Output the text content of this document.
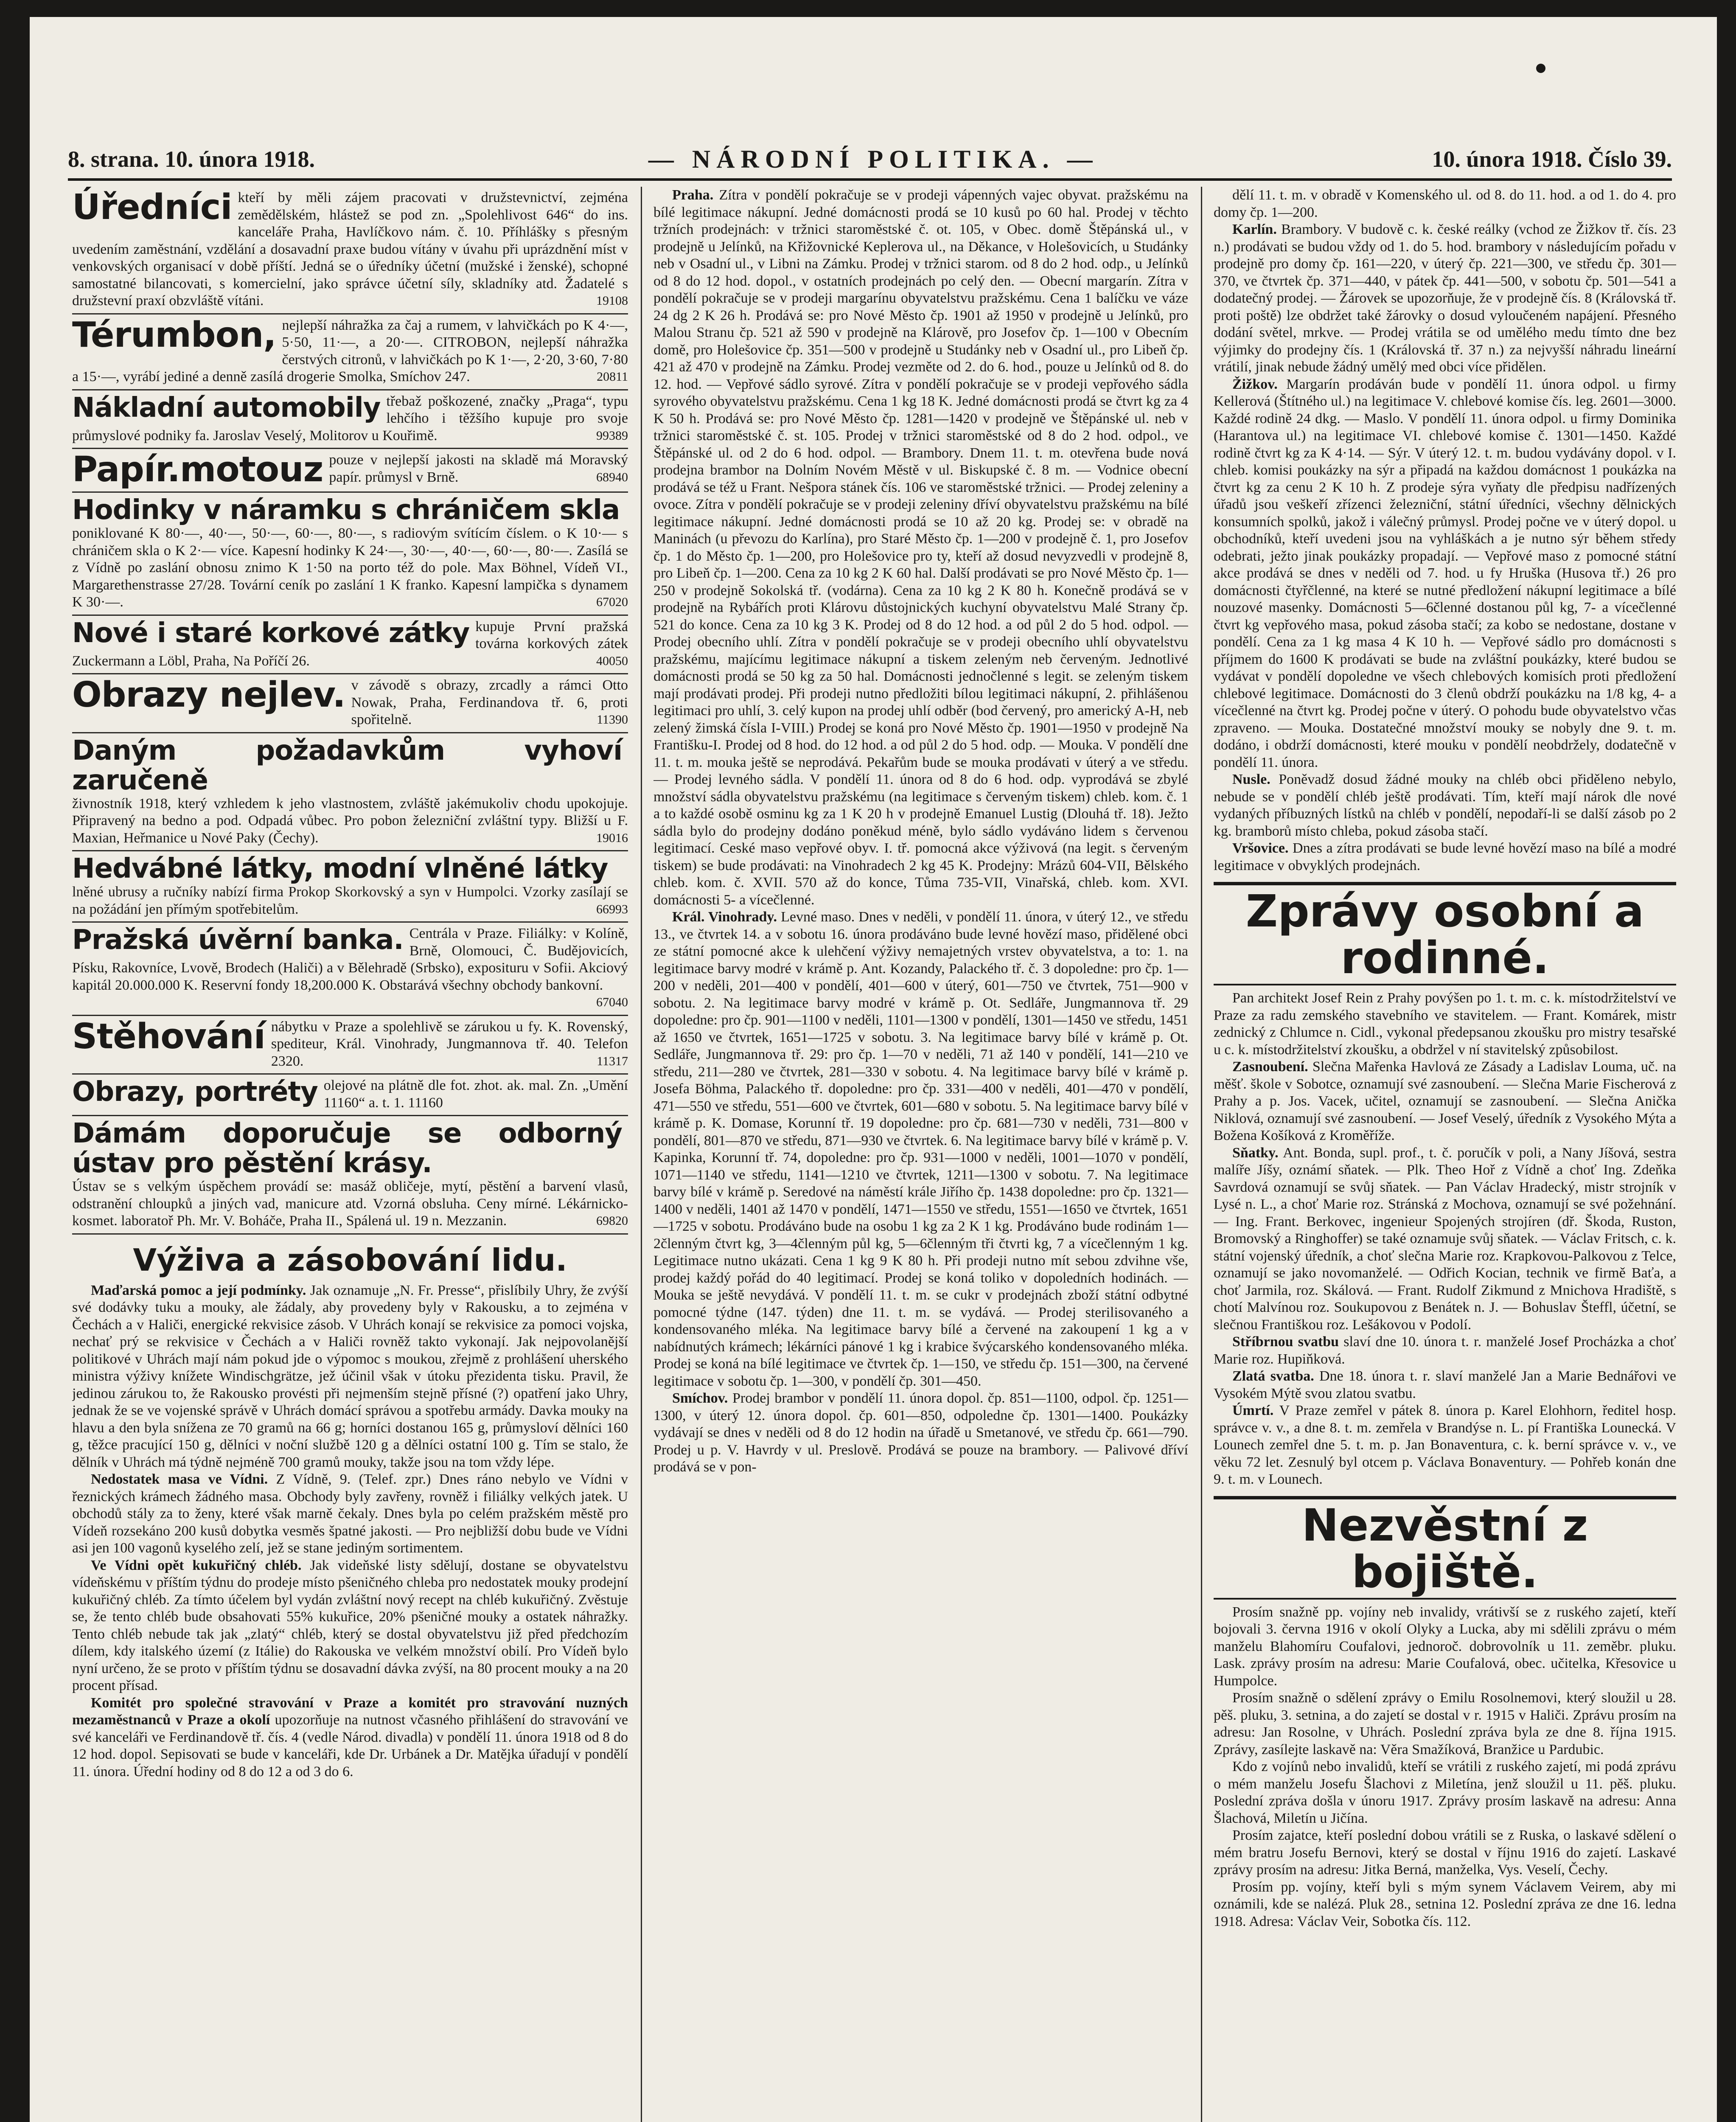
8. strana. 10. února 1918.	— NÁRODNÍ POLITIKA. —	10. února 1918. Číslo 39.
Úředníci kteří by měli zájem pracovati v družstevnictví, zejména zemědělském, hlástež se pod zn. „Spolehlivost 646“ do ins. kanceláře Praha, Havlíčkovo nám. č. 10. Příhlášky s přesným uvedením zaměstnání, vzdělání a dosavadní praxe budou vítány v úvahu při uprázdnění míst v venkovských organisací v době příští. Jedná se o úředníky účetní (mužské i ženské), schopné samostatné bilancovati, s komercielní, jako správce účetní síly, skladníky atd. Žadatelé s družstevní praxí obzvláště vítáni.	19108

Térumbon, nejlepší náhražka za čaj a rumem, v lahvičkách po K 4·—, 5·50, 11·—, a 20·—. CITROBON, nejlepší náhražka čerstvých citronů, v lahvičkách po K 1·—, 2·20, 3·60, 7·80 a 15·—, vyrábí jediné a denně zasílá drogerie Smolka, Smíchov 247.	20811

Nákladní automobily třebaž poškozené, značky „Praga“, typu lehčího i těžšího kupuje pro svoje průmyslové podniky fa. Jaroslav Veselý, Molitorov u Kouřimě.	99389

Papír.motouz pouze v nejlepší jakosti na skladě má Moravský papír. průmysl v Brně.	68940

Hodinky v náramku s chráničem skla

poniklované K 80·—, 40·—, 50·—, 60·—, 80·—, s radiovým svítícím číslem. o K 10·— s chráničem skla o K 2·— více. Kapesní hodinky K 24·—, 30·—, 40·—, 60·—, 80·—. Zasílá se z Vídně po zaslání obnosu znimo K 1·50 na porto též do pole. Max Böhnel, Vídeň VI., Margarethenstrasse 27/28. Tovární ceník po zaslání 1 K franko. Kapesní lampička s dynamem K 30·—.	67020

Nové i staré korkové zátky kupuje První pražská továrna korkových zátek Zuckermann a Löbl, Praha, Na Poříčí 26.	40050

Obrazy nejlev. v závodě s obrazy, zrcadly a rámci Otto Nowak, Praha, Ferdinandova tř. 6, proti spořitelně.	11390

Daným požadavkům vyhoví zaručeně

živnostník 1918, který vzhledem k jeho vlastnostem, zvláště jakémukoliv chodu upokojuje. Připravený na bedno a pod. Odpadá vůbec. Pro pobon železniční zvláštní typy. Bližší u F. Maxian, Heřmanice u Nové Paky (Čechy).	19016

Hedvábné látky, modní vlněné látky

lněné ubrusy a ručníky nabízí firma Prokop Skorkovský a syn v Humpolci. Vzorky zasílají se na požádání jen přímým spotřebitelům.	66993

Pražská úvěrní banka. Centrála v Praze. Filiálky: v Kolíně, Brně, Olomouci, Č. Budějovicích, Písku, Rakovníce, Lvově, Brodech (Haliči) a v Bělehradě (Srbsko), exposituru v Sofii. Akciový kapitál 20.000.000 K. Reservní fondy 18,200.000 K. Obstarává všechny obchody bankovní.
67040

Stěhování nábytku v Praze a spolehlivě se zárukou u fy. K. Rovenský, spediteur, Král. Vinohrady, Jungmannova tř. 40. Telefon 2320.	11317

Obrazy, portréty olejové na plátně dle fot. zhot. ak. mal. Zn. „Umění 11160“ a. t. 1. 11160

Dámám doporučuje se odborný ústav pro pěstění krásy.

Ústav se s velkým úspěchem provádí se: masáž obličeje, mytí, pěstění a barvení vlasů, odstranění chloupků a jiných vad, manicure atd. Vzorná obsluha. Ceny mírné. Lékárnicko-kosmet. laboratoř Ph. Mr. V. Boháče, Praha II., Spálená ul. 19 n. Mezzanin.	69820

Výživa a zásobování lidu.

Maďarská pomoc a její podmínky. Jak oznamuje „N. Fr. Presse“, přislíbily Uhry, že zvýší své dodávky tuku a mouky, ale žádaly, aby provedeny byly v Rakousku, a to zejména v Čechách a v Haliči, energické rekvisice zásob. V Uhrách konají se rekvisice za pomoci vojska, nechať prý se rekvisice v Čechách a v Haliči rovněž takto vykonají. Jak nejpovolanější politikové v Uhrách mají nám pokud jde o výpomoc s moukou, zřejmě z prohlášení uherského ministra výživy knížete Windischgrätze, jež účinil však v útoku přezidenta tisku. Pravil, že jedinou zárukou to, že Rakousko provésti při nejmenším stejně přísné (?) opatření jako Uhry, jednak že se ve vojenské správě v Uhrách domácí správou a spotřebu armády. Davka mouky na hlavu a den byla snížena ze 70 gramů na 66 g; horníci dostanou 165 g, průmysloví dělníci 160 g, těžce pracující 150 g, dělníci v noční službě 120 g a dělníci ostatní 100 g. Tím se stalo, že dělník v Uhrách má týdně nejméně 700 gramů mouky, takže jsou na tom vždy lépe.

Nedostatek masa ve Vídni. Z Vídně, 9. (Telef. zpr.) Dnes ráno nebylo ve Vídni v řeznických krámech žádného masa. Obchody byly zavřeny, rovněž i filiálky velkých jatek. U obchodů stály za to ženy, které však marně čekaly. Dnes byla po celém pražském městě pro Vídeň rozsekáno 200 kusů dobytka vesměs špatné jakosti. — Pro nejbližší dobu bude ve Vídni asi jen 100 vagonů kyselého zelí, jež se stane jediným sortimentem.

Ve Vídni opět kukuřičný chléb. Jak videňské listy sdělují, dostane se obyvatelstvu vídeňskému v příštím týdnu do prodeje místo pšeničného chleba pro nedostatek mouky prodejní kukuřičný chléb. Za tímto účelem byl vydán zvláštní nový recept na chléb kukuřičný. Zvěstuje se, že tento chléb bude obsahovati 55% kukuřice, 20% pšeničné mouky a ostatek náhražky. Tento chléb nebude tak jak „zlatý“ chléb, který se dostal obyvatelstvu již před předchozím dílem, kdy italského území (z Itálie) do Rakouska ve velkém množství obilí. Pro Vídeň bylo nyní určeno, že se proto v příštím týdnu se dosavadní dávka zvýší, na 80 procent mouky a na 20 procent přísad.

Komitét pro společné stravování v Praze a komitét pro stravování nuzných mezaměstnanců v Praze a okolí upozorňuje na nutnost včasného přihlášení do stravování ve své kanceláři ve Ferdinandově tř. čís. 4 (vedle Národ. divadla) v pondělí 11. února 1918 od 8 do 12 hod. dopol. Sepisovati se bude v kanceláři, kde Dr. Urbánek a Dr. Matějka úřadují v pondělí 11. února. Úřední hodiny od 8 do 12 a od 3 do 6.

Praha. Zítra v pondělí pokračuje se v prodeji vápenných vajec obyvat. pražskému na bílé legitimace nákupní. Jedné domácnosti prodá se 10 kusů po 60 hal. Prodej v těchto tržních prodejnách: v tržnici staroměstské č. ot. 105, v Obec. domě Štěpánská ul., v prodejně u Jelínků, na Křižovnické Keplerova ul., na Děkance, v Holešovicích, u Studánky neb v Osadní ul., v Libni na Zámku. Prodej v tržnici starom. od 8 do 2 hod. odp., u Jelínků od 8 do 12 hod. dopol., v ostatních prodejnách po celý den. — Obecní margarín. Zítra v pondělí pokračuje se v prodeji margarínu obyvatelstvu pražskému. Cena 1 balíčku ve váze 24 dg 2 K 26 h. Prodává se: pro Nové Město čp. 1901 až 1950 v prodejně u Jelínků, pro Malou Stranu čp. 521 až 590 v prodejně na Klárově, pro Josefov čp. 1—100 v Obecním domě, pro Holešovice čp. 351—500 v prodejně u Studánky neb v Osadní ul., pro Libeň čp. 421 až 470 v prodejně na Zámku. Prodej vezměte od 2. do 6. hod., pouze u Jelínků od 8. do 12. hod. — Vepřové sádlo syrové. Zítra v pondělí pokračuje se v prodeji vepřového sádla syrového obyvatelstvu pražskému. Cena 1 kg 18 K. Jedné domácnosti prodá se čtvrt kg za 4 K 50 h. Prodává se: pro Nové Město čp. 1281—1420 v prodejně ve Štěpánské ul. neb v tržnici staroměstské č. st. 105. Prodej v tržnici staroměstské od 8 do 2 hod. odpol., ve Štěpánské ul. od 2 do 6 hod. odpol. — Brambory. Dnem 11. t. m. otevřena bude nová prodejna brambor na Dolním Novém Městě v ul. Biskupské č. 8 m. — Vodnice obecní prodává se též u Frant. Nešpora stánek čís. 106 ve staroměstské tržnici. — Prodej zeleniny a ovoce. Zítra v pondělí pokračuje se v prodeji zeleniny dříví obyvatelstvu pražskému na bílé legitimace nákupní. Jedné domácnosti prodá se 10 až 20 kg. Prodej se: v obradě na Maninách (u převozu do Karlína), pro Staré Město čp. 1—200 v prodejně č. 1, pro Josefov čp. 1 do Město čp. 1—200, pro Holešovice pro ty, kteří až dosud nevyzvedli v prodejně 8, pro Libeň čp. 1—200. Cena za 10 kg 2 K 60 hal. Další prodávati se pro Nové Město čp. 1—250 v prodejně Sokolská tř. (vodárna). Cena za 10 kg 2 K 80 h. Konečně prodává se v prodejně na Rybářích proti Klárovu důstojnických kuchyní obyvatelstvu Malé Strany čp. 521 do konce. Cena za 10 kg 3 K. Prodej od 8 do 12 hod. a od půl 2 do 5 hod. odpol. — Prodej obecního uhlí. Zítra v pondělí pokračuje se v prodeji obecního uhlí obyvatelstvu pražskému, majícímu legitimace nákupní a tiskem zeleným neb červeným. Jednotlivé domácnosti prodá se 50 kg za 50 hal. Domácnosti jednočlenné s legit. se zeleným tiskem mají prodávati prodej. Při prodeji nutno předložiti bílou legitimaci nákupní, 2. přihlášenou legitimaci pro uhlí, 3. celý kupon na prodej uhlí odběr (bod červený, pro americký A-H, neb zelený žimská čísla I-VIII.) Prodej se koná pro Nové Město čp. 1901—1950 v prodejně Na Františku-I. Prodej od 8 hod. do 12 hod. a od půl 2 do 5 hod. odp. — Mouka. V pondělí dne 11. t. m. mouka ještě se neprodává. Pekařům bude se mouka prodávati v úterý a ve středu. — Prodej levného sádla. V pondělí 11. února od 8 do 6 hod. odp. vyprodává se zbylé množství sádla obyvatelstvu pražskému (na legitimace s červeným tiskem) chleb. kom. č. 1 a to každé osobě osminu kg za 1 K 20 h v prodejně Emanuel Lustig (Dlouhá tř. 18). Ježto sádla bylo do prodejny dodáno poněkud méně, bylo sádlo vydáváno lidem s červenou legitimací. Ceské maso vepřové obyv. I. tř. pomocná akce výživová (na legit. s červeným tiskem) se bude prodávati: na Vinohradech 2 kg 45 K. Prodejny: Mrázů 604-VII, Bělského chleb. kom. č. XVII. 570 až do konce, Tůma 735-VII, Vinařská, chleb. kom. XVI. domácnosti 5- a vícečlenné.

Král. Vinohrady. Levné maso. Dnes v neděli, v pondělí 11. února, v úterý 12., ve středu 13., ve čtvrtek 14. a v sobotu 16. února prodáváno bude levné hovězí maso, přidělené obci ze státní pomocné akce k ulehčení výživy nemajetných vrstev obyvatelstva, a to: 1. na legitimace barvy modré v krámě p. Ant. Kozandy, Palackého tř. č. 3 dopoledne: pro čp. 1—200 v neděli, 201—400 v pondělí, 401—600 v úterý, 601—750 ve čtvrtek, 751—900 v sobotu. 2. Na legitimace barvy modré v krámě p. Ot. Sedláře, Jungmannova tř. 29 dopoledne: pro čp. 901—1100 v neděli, 1101—1300 v pondělí, 1301—1450 ve středu, 1451 až 1650 ve čtvrtek, 1651—1725 v sobotu. 3. Na legitimace barvy bílé v krámě p. Ot. Sedláře, Jungmannova tř. 29: pro čp. 1—70 v neděli, 71 až 140 v pondělí, 141—210 ve středu, 211—280 ve čtvrtek, 281—330 v sobotu. 4. Na legitimace barvy bílé v krámě p. Josefa Böhma, Palackého tř. dopoledne: pro čp. 331—400 v neděli, 401—470 v pondělí, 471—550 ve středu, 551—600 ve čtvrtek, 601—680 v sobotu. 5. Na legitimace barvy bílé v krámě p. K. Domase, Korunní tř. 19 dopoledne: pro čp. 681—730 v neděli, 731—800 v pondělí, 801—870 ve středu, 871—930 ve čtvrtek. 6. Na legitimace barvy bílé v krámě p. V. Kapinka, Korunní tř. 74, dopoledne: pro čp. 931—1000 v neděli, 1001—1070 v pondělí, 1071—1140 ve středu, 1141—1210 ve čtvrtek, 1211—1300 v sobotu. 7. Na legitimace barvy bílé v krámě p. Seredové na náměstí krále Jiřího čp. 1438 dopoledne: pro čp. 1321—1400 v neděli, 1401 až 1470 v pondělí, 1471—1550 ve středu, 1551—1650 ve čtvrtek, 1651—1725 v sobotu. Prodáváno bude na osobu 1 kg za 2 K 1 kg. Prodáváno bude rodinám 1—2členným čtvrt kg, 3—4členným půl kg, 5—6členným tři čtvrti kg, 7 a vícečlenným 1 kg. Legitimace nutno ukázati. Cena 1 kg 9 K 80 h. Při prodeji nutno mít sebou zdvihne vše, prodej každý pořád do 40 legitimací. Prodej se koná toliko v dopoledních hodinách. — Mouka se ještě nevydává. V pondělí 11. t. m. se cukr v prodejnách zboží státní odbytné pomocné týdne (147. týden) dne 11. t. m. se vydává. — Prodej sterilisovaného a kondensovaného mléka. Na legitimace barvy bílé a červené na zakoupení 1 kg a v nabídnutých krámech; lékárníci pánové 1 kg i krabice švýcarského kondensovaného mléka. Prodej se koná na bílé legitimace ve čtvrtek čp. 1—150, ve středu čp. 151—300, na červené legitimace v sobotu čp. 1—300, v pondělí čp. 301—450.

Smíchov. Prodej brambor v pondělí 11. února dopol. čp. 851—1100, odpol. čp. 1251—1300, v úterý 12. února dopol. čp. 601—850, odpoledne čp. 1301—1400. Poukázky vydávají se dnes v neděli od 8 do 12 hodin na úřadě u Smetanové, ve středu čp. 661—790. Prodej u p. V. Havrdy v ul. Preslově. Prodává se pouze na brambory. — Palivové dříví prodává se v pon-

dělí 11. t. m. v obradě v Komenského ul. od 8. do 11. hod. a od 1. do 4. pro domy čp. 1—200.

Karlín. Brambory. V budově c. k. české reálky (vchod ze Žižkov tř. čís. 23 n.) prodávati se budou vždy od 1. do 5. hod. brambory v následujícím pořadu v prodejně pro domy čp. 161—220, v úterý čp. 221—300, ve středu čp. 301—370, ve čtvrtek čp. 371—440, v pátek čp. 441—500, v sobotu čp. 501—541 a dodatečný prodej. — Žárovek se upozorňuje, že v prodejně čís. 8 (Královská tř. proti poště) lze obdržet také žárovky o dosud vyloučeném napájení. Přesného dodání světel, mrkve. — Prodej vrátila se od umělého medu tímto dne bez výjimky do prodejny čís. 1 (Královská tř. 37 n.) za nejvyšší náhradu lineární vrátilí, jinak nebude žádný umělý med obci více přidělen.

Žižkov. Margarín prodáván bude v pondělí 11. února odpol. u firmy Kellerová (Štítného ul.) na legitimace V. chlebové komise čís. leg. 2601—3000. Každé rodině 24 dkg. — Maslo. V pondělí 11. února odpol. u firmy Dominika (Harantova ul.) na legitimace VI. chlebové komise č. 1301—1450. Každé rodině čtvrt kg za K 4·14. — Sýr. V úterý 12. t. m. budou vydávány dopol. v I. chleb. komisi poukázky na sýr a připadá na každou domácnost 1 poukázka na čtvrt kg za cenu 2 K 10 h. Z prodeje sýra vyňaty dle předpisu nadřízených úřadů jsou veškeří zřízenci železniční, státní úředníci, všechny dělnických konsumních spolků, jakož i válečný průmysl. Prodej počne ve v úterý dopol. u obchodníků, kteří uvedeni jsou na vyhláškách a je nutno sýr během středy odebrati, ježto jinak poukázky propadají. — Vepřové maso z pomocné státní akce prodává se dnes v neděli od 7. hod. u fy Hruška (Husova tř.) 26 pro domácnosti čtyřčlenné, na které se nutné předložení nákupní legitimace a bílé nouzové masenky. Domácnosti 5—6členné dostanou půl kg, 7- a vícečlenné čtvrt kg vepřového masa, pokud zásoba stačí; za kobo se nedostane, dostane v pondělí. Cena za 1 kg masa 4 K 10 h. — Vepřové sádlo pro domácnosti s příjmem do 1600 K prodávati se bude na zvláštní poukázky, které budou se vydávat v pondělí dopoledne ve všech chlebových komisích proti předložení chlebové legitimace. Domácnosti do 3 členů obdrží poukázku na 1/8 kg, 4- a vícečlenné na čtvrt kg. Prodej počne v úterý. O pohodu bude obyvatelstvo včas zpraveno. — Mouka. Dostatečné množství mouky se nobyly dne 9. t. m. dodáno, i obdrží domácnosti, které mouku v pondělí neobdržely, dodatečně v pondělí 11. února.

Nusle. Poněvadž dosud žádné mouky na chléb obci přiděleno nebylo, nebude se v pondělí chléb ještě prodávati. Tím, kteří mají nárok dle nové vydaných příbuzných lístků na chléb v pondělí, nepodaří-li se další zásob po 2 kg. bramborů místo chleba, pokud zásoba stačí.

Vršovice. Dnes a zítra prodávati se bude levné hovězí maso na bílé a modré legitimace v obvyklých prodejnách.

Zprávy osobní a rodinné.

Pan architekt Josef Rein z Prahy povýšen po 1. t. m. c. k. místodržitelství ve Praze za radu zemského stavebního ve stavitelem. — Frant. Komárek, mistr zednický z Chlumce n. Cidl., vykonal předepsanou zkoušku pro mistry tesařské u c. k. místodržitelství zkoušku, a obdržel v ní stavitelský způsobilost.

Zasnoubení. Slečna Mařenka Havlová ze Zásady a Ladislav Louma, uč. na měšť. škole v Sobotce, oznamují své zasnoubení. — Slečna Marie Fischerová z Prahy a p. Jos. Vacek, učitel, oznamují se zasnoubení. — Slečna Anička Niklová, oznamují své zasnoubení. — Josef Veselý, úředník z Vysokého Mýta a Božena Košíková z Kroměříže.

Sňatky. Ant. Bonda, supl. prof., t. č. poručík v poli, a Nany Jíšová, sestra malíře Jíšy, oznámí sňatek. — Plk. Theo Hoř z Vídně a choť Ing. Zdeňka Savrdová oznamují se svůj sňatek. — Pan Václav Hradecký, mistr strojník v Lysé n. L., a choť Marie roz. Stránská z Mochova, oznamují se své požehnání. — Ing. Frant. Berkovec, ingenieur Spojených strojíren (dř. Škoda, Ruston, Bromovský a Ringhoffer) se také oznamuje svůj sňatek. — Václav Fritsch, c. k. státní vojenský úředník, a choť slečna Marie roz. Krapkovou-Palkovou z Telce, oznamují se jako novomanželé. — Odřich Kocian, technik ve firmě Baťa, a choť Jarmila, roz. Skálová. — Frant. Rudolf Zikmund z Mnichova Hradiště, s chotí Malvínou roz. Soukupovou z Benátek n. J. — Bohuslav Šteffl, účetní, se slečnou Františkou roz. Lešákovou v Podolí.

Stříbrnou svatbu slaví dne 10. února t. r. manželé Josef Procházka a choť Marie roz. Hupiňková.

Zlatá svatba. Dne 18. února t. r. slaví manželé Jan a Marie Bednářovi ve Vysokém Mýtě svou zlatou svatbu.

Úmrtí. V Praze zemřel v pátek 8. února p. Karel Elohhorn, ředitel hosp. správce v. v., a dne 8. t. m. zemřela v Brandýse n. L. pí Františka Lounecká. V Lounech zemřel dne 5. t. m. p. Jan Bonaventura, c. k. berní správce v. v., ve věku 72 let. Zesnulý byl otcem p. Václava Bonaventury. — Pohřeb konán dne 9. t. m. v Lounech.

Nezvěstní z bojiště.

Prosím snažně pp. vojíny neb invalidy, vrátivší se z ruského zajetí, kteří bojovali 3. června 1916 v okolí Olyky a Lucka, aby mi sdělili zprávu o mém manželu Blahomíru Coufalovi, jednoroč. dobrovolník u 11. zeměbr. pluku. Lask. zprávy prosím na adresu: Marie Coufalová, obec. učitelka, Křesovice u Humpolce.

Prosím snažně o sdělení zprávy o Emilu Rosolnemovi, který sloužil u 28. pěš. pluku, 3. setnina, a do zajetí se dostal v r. 1915 v Haliči. Zprávu prosím na adresu: Jan Rosolne, v Uhrách. Poslední zpráva byla ze dne 8. října 1915. Zprávy, zasílejte laskavě na: Věra Smažíková, Branžice u Pardubic.

Kdo z vojínů nebo invalidů, kteří se vrátili z ruského zajetí, mi podá zprávu o mém manželu Josefu Šlachovi z Miletína, jenž sloužil u 11. pěš. pluku. Poslední zpráva došla v únoru 1917. Zprávy prosím laskavě na adresu: Anna Šlachová, Miletín u Jičína.

Prosím zajatce, kteří poslední dobou vrátili se z Ruska, o laskavé sdělení o mém bratru Josefu Bernovi, který se dostal v říjnu 1916 do zajetí. Laskavé zprávy prosím na adresu: Jitka Berná, manželka, Vys. Veselí, Čechy.

Prosím pp. vojíny, kteří byli s mým synem Václavem Veirem, aby mi oznámili, kde se nalézá. Pluk 28., setnina 12. Poslední zpráva ze dne 16. ledna 1918. Adresa: Václav Veir, Sobotka čís. 112.
